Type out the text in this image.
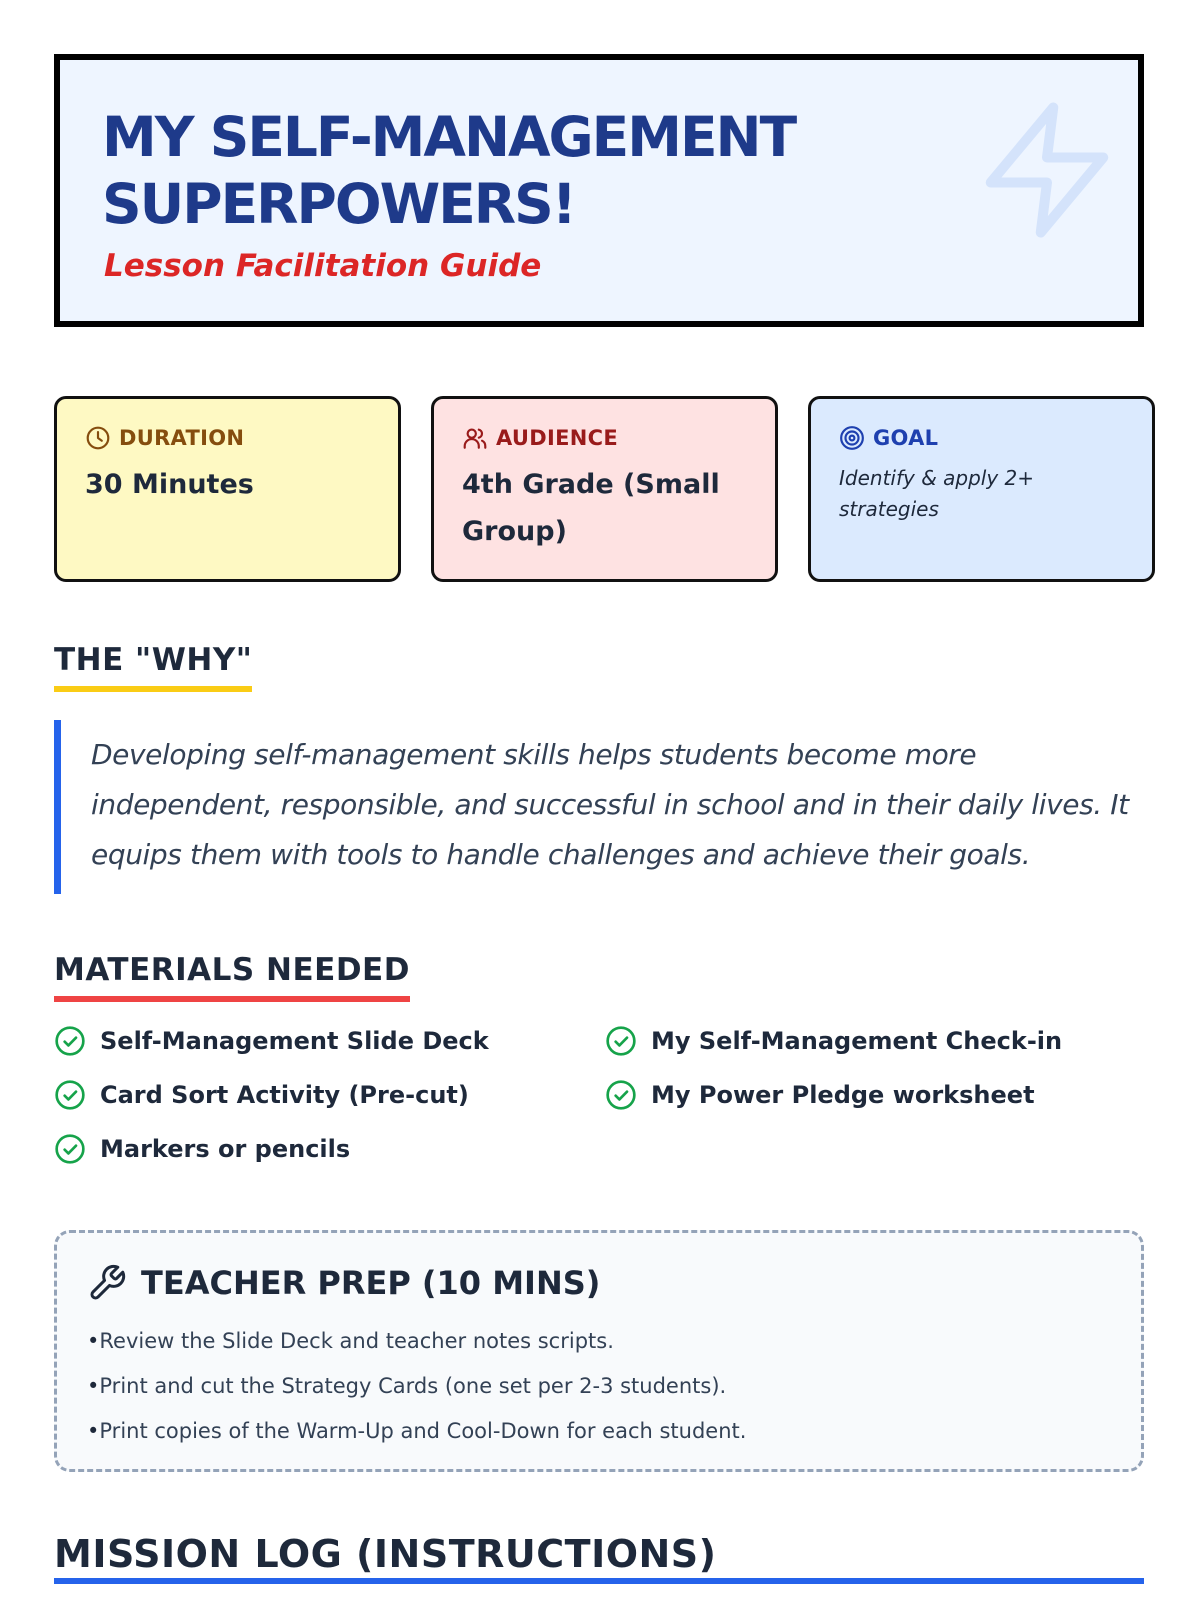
MY SELF-MANAGEMENT
SUPERPOWERS!

Lesson Facilitation Guide

DURATION
30 Minutes
AUDIENCE
4th Grade (Small Group)
GOAL
Identify & apply 2+ strategies
THE "WHY"

Developing self-management skills helps students become more independent, responsible, and successful in school and in their daily lives. It equips them with tools to handle challenges and achieve their goals.

MATERIALS NEEDED
Self-Management Slide Deck	My Self-Management Check-in
Card Sort Activity (Pre-cut)	My Power Pledge worksheet
Markers or pencils
TEACHER PREP (10 MINS)
• Review the Slide Deck and teacher notes scripts.
• Print and cut the Strategy Cards (one set per 2-3 students).
• Print copies of the Warm-Up and Cool-Down for each student.
MISSION LOG (INSTRUCTIONS)
